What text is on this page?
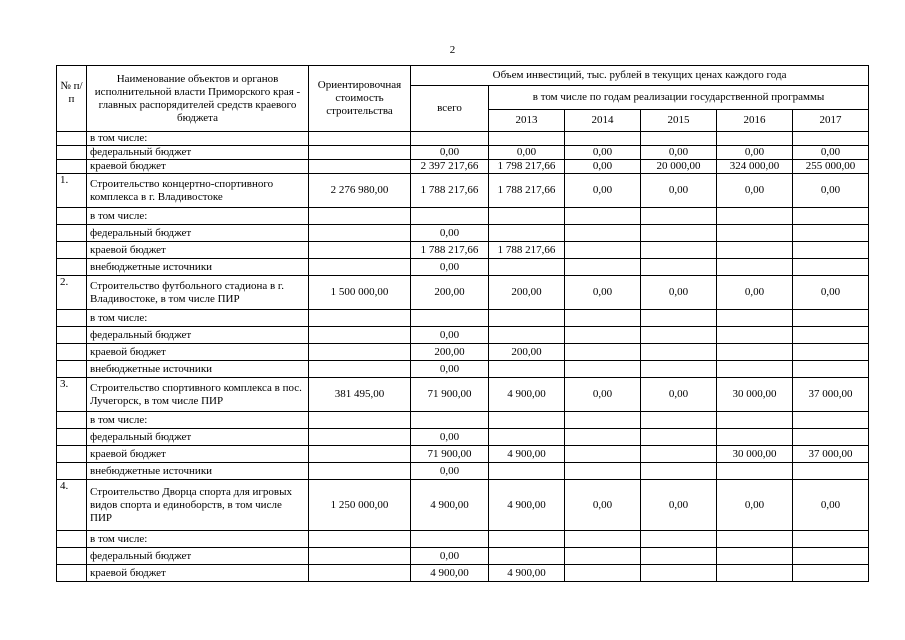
2
№ п/п	Наименование объектов и органов исполнительной власти Приморского края - главных распорядителей средств краевого бюджета	Ориентировочная стоимость строительства	Объем инвестиций, тыс. рублей в текущих ценах каждого года					
			всего	в том числе по годам реализации государственной программы				
				2013	2014	2015	2016	2017
	в том числе:							
	федеральный бюджет		0,00	0,00	0,00	0,00	0,00	0,00
	краевой бюджет		2 397 217,66	1 798 217,66	0,00	20 000,00	324 000,00	255 000,00
1.	Строительство концертно-спортивного комплекса в г. Владивостоке	2 276 980,00	1 788 217,66	1 788 217,66	0,00	0,00	0,00	0,00
	в том числе:							
	федеральный бюджет		0,00					
	краевой бюджет		1 788 217,66	1 788 217,66				
	внебюджетные источники		0,00					
2.	Строительство футбольного стадиона в г. Владивостоке, в том числе ПИР	1 500 000,00	200,00	200,00	0,00	0,00	0,00	0,00
	в том числе:							
	федеральный бюджет		0,00					
	краевой бюджет		200,00	200,00				
	внебюджетные источники		0,00					
3.	Строительство спортивного комплекса в пос. Лучегорск, в том числе ПИР	381 495,00	71 900,00	4 900,00	0,00	0,00	30 000,00	37 000,00
	в том числе:							
	федеральный бюджет		0,00					
	краевой бюджет		71 900,00	4 900,00			30 000,00	37 000,00
	внебюджетные источники		0,00					
4.	Строительство Дворца спорта для игровых видов спорта и единоборств, в том числе ПИР	1 250 000,00	4 900,00	4 900,00	0,00	0,00	0,00	0,00
	в том числе:							
	федеральный бюджет		0,00					
	краевой бюджет		4 900,00	4 900,00				
